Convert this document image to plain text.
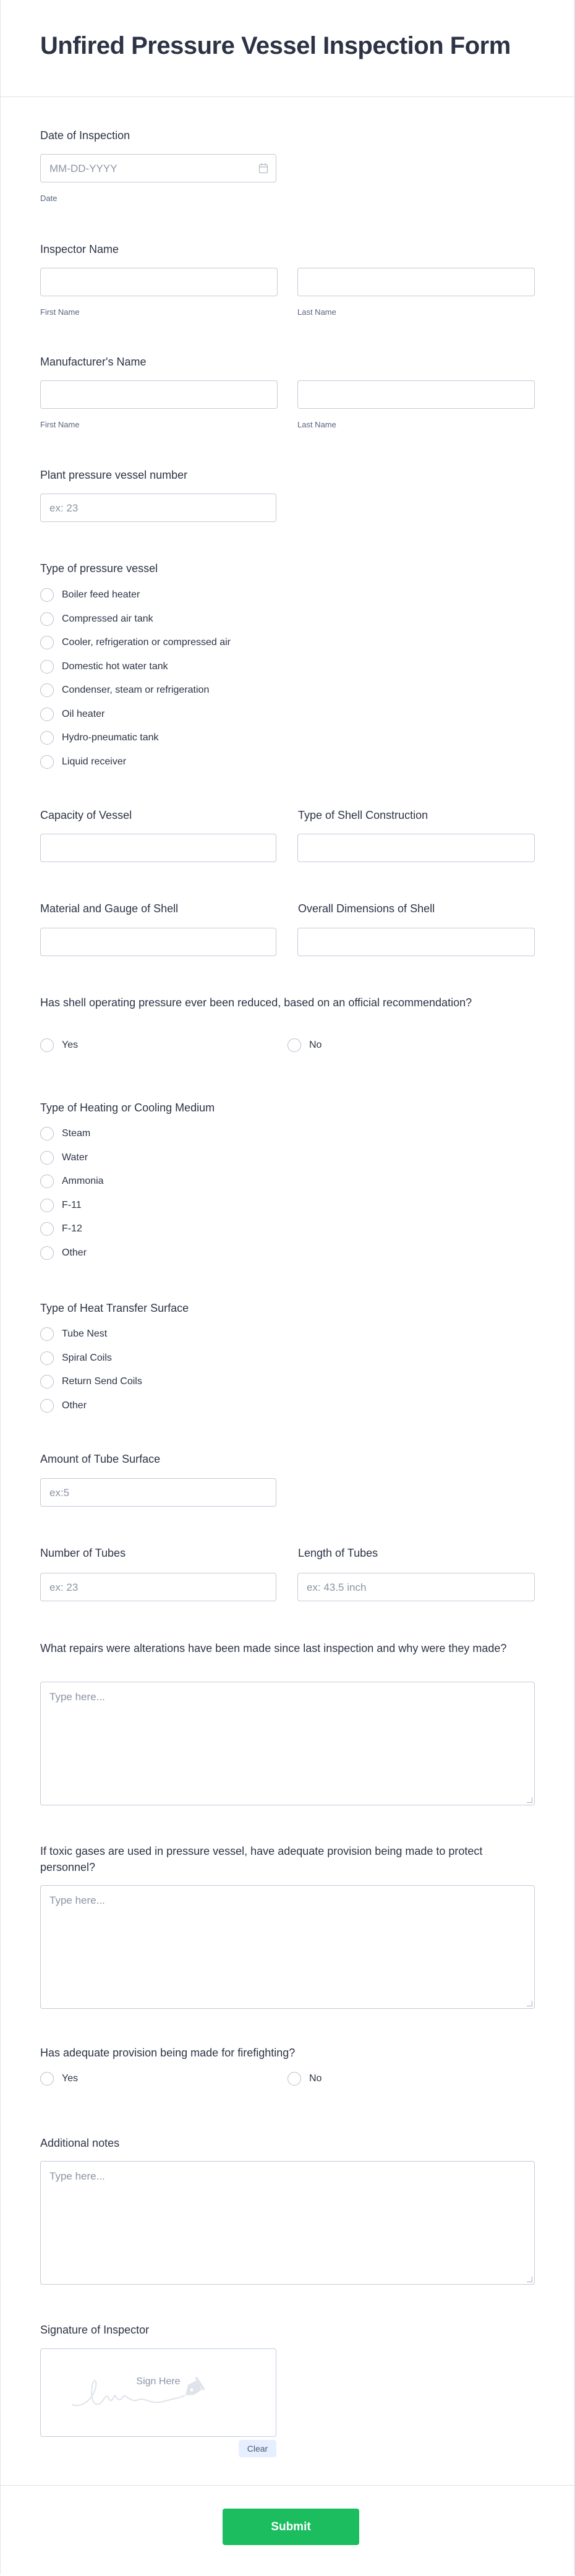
Unfired Pressure Vessel Inspection Form
Date of Inspection
MM-DD-YYYY
Date
Inspector Name
First Name	Last Name
Manufacturer's Name
First Name	Last Name
Plant pressure vessel number
ex: 23
Type of pressure vessel
Boiler feed heater
Compressed air tank
Cooler, refrigeration or compressed air
Domestic hot water tank
Condenser, steam or refrigeration
Oil heater
Hydro-pneumatic tank
Liquid receiver
Capacity of Vessel	Type of Shell Construction
Material and Gauge of Shell	Overall Dimensions of Shell
Has shell operating pressure ever been reduced, based on an official recommendation?
Yes	No
Type of Heating or Cooling Medium
Steam
Water
Ammonia
F-11
F-12
Other
Type of Heat Transfer Surface
Tube Nest
Spiral Coils
Return Send Coils
Other
Amount of Tube Surface
ex:5
Number of Tubes	Length of Tubes
ex: 23	ex: 43.5 inch
What repairs were alterations have been made since last inspection and why were they made?
Type here...
If toxic gases are used in pressure vessel, have adequate provision being made to protect personnel?
Type here...
Has adequate provision being made for firefighting?
Yes	No
Additional notes
Type here...
Signature of Inspector
Sign Here
Clear
Submit
